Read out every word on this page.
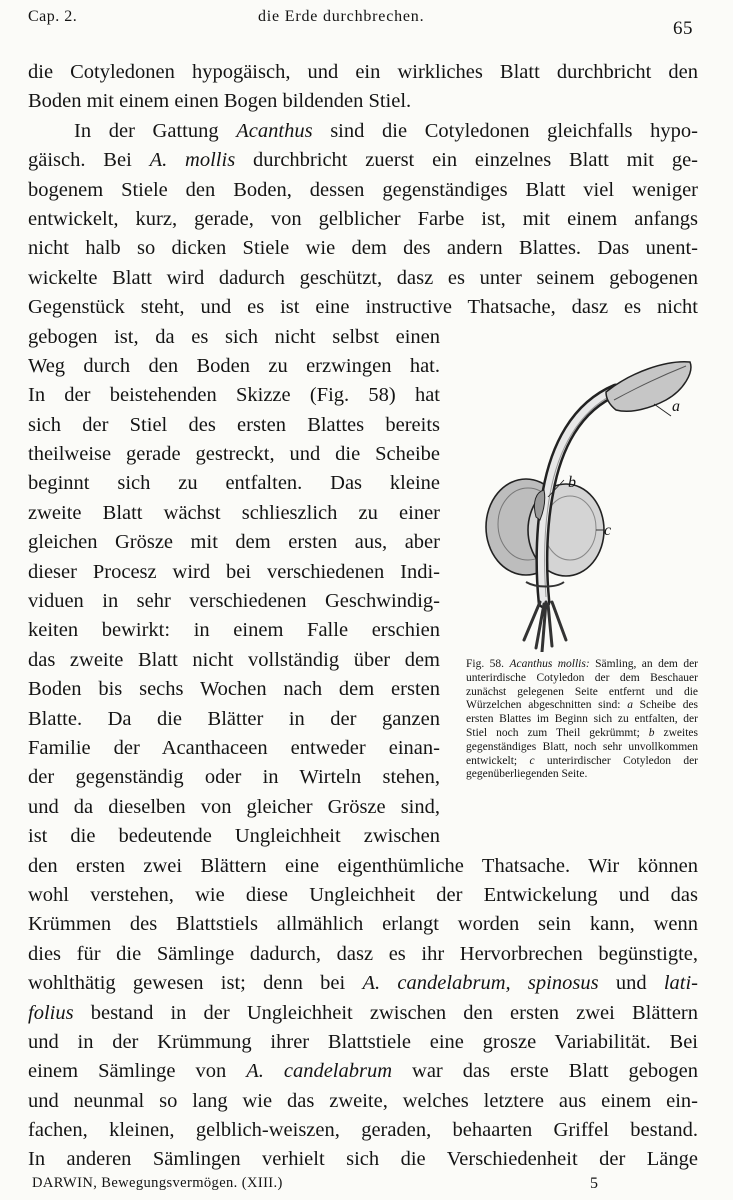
Cap. 2.	die Erde durchbrechen.
65
die Cotyledonen hypogäisch, und ein wirkliches Blatt durchbricht den
Boden mit einem einen Bogen bildenden Stiel.
In der Gattung Acanthus sind die Cotyledonen gleichfalls hypo-
gäisch. Bei A. mollis durchbricht zuerst ein einzelnes Blatt mit ge-
bogenem Stiele den Boden, dessen gegenständiges Blatt viel weniger
entwickelt, kurz, gerade, von gelblicher Farbe ist, mit einem anfangs
nicht halb so dicken Stiele wie dem des andern Blattes. Das unent-
wickelte Blatt wird dadurch geschützt, dasz es unter seinem gebogenen
Gegenstück steht, und es ist eine instructive Thatsache, dasz es nicht
gebogen ist, da es sich nicht selbst einen
Weg durch den Boden zu erzwingen hat.
In der beistehenden Skizze (Fig. 58) hat
sich der Stiel des ersten Blattes bereits
theilweise gerade gestreckt, und die Scheibe
beginnt sich zu entfalten. Das kleine
zweite Blatt wächst schlieszlich zu einer
gleichen Grösze mit dem ersten aus, aber
dieser Procesz wird bei verschiedenen Indi-
viduen in sehr verschiedenen Geschwindig-
keiten bewirkt: in einem Falle erschien
das zweite Blatt nicht vollständig über dem
Boden bis sechs Wochen nach dem ersten
Blatte. Da die Blätter in der ganzen
Familie der Acanthaceen entweder einan-
der gegenständig oder in Wirteln stehen,
und da dieselben von gleicher Grösze sind,
ist die bedeutende Ungleichheit zwischen
den ersten zwei Blättern eine eigenthümliche Thatsache. Wir können
wohl verstehen, wie diese Ungleichheit der Entwickelung und das
Krümmen des Blattstiels allmählich erlangt worden sein kann, wenn
dies für die Sämlinge dadurch, dasz es ihr Hervorbrechen begünstigte,
wohlthätig gewesen ist; denn bei A. candelabrum, spinosus und lati-
folius bestand in der Ungleichheit zwischen den ersten zwei Blättern
und in der Krümmung ihrer Blattstiele eine grosze Variabilität. Bei
einem Sämlinge von A. candelabrum war das erste Blatt gebogen
und neunmal so lang wie das zweite, welches letztere aus einem ein-
fachen, kleinen, gelblich-weiszen, geraden, behaarten Griffel bestand.
In anderen Sämlingen verhielt sich die Verschiedenheit der Länge
a
b
c
Fig. 58. Acanthus mollis: Sämling, an dem der unterirdische Cotyledon der dem Beschauer zunächst gelegenen Seite entfernt und die Würzelchen abgeschnitten sind: a Scheibe des ersten Blattes im Beginn sich zu entfalten, der Stiel noch zum Theil gekrümmt; b zweites gegenständiges Blatt, noch sehr unvollkommen entwickelt; c unterirdischer Cotyledon der gegenüberliegenden Seite.
DARWIN, Bewegungsvermögen. (XIII.)	5
